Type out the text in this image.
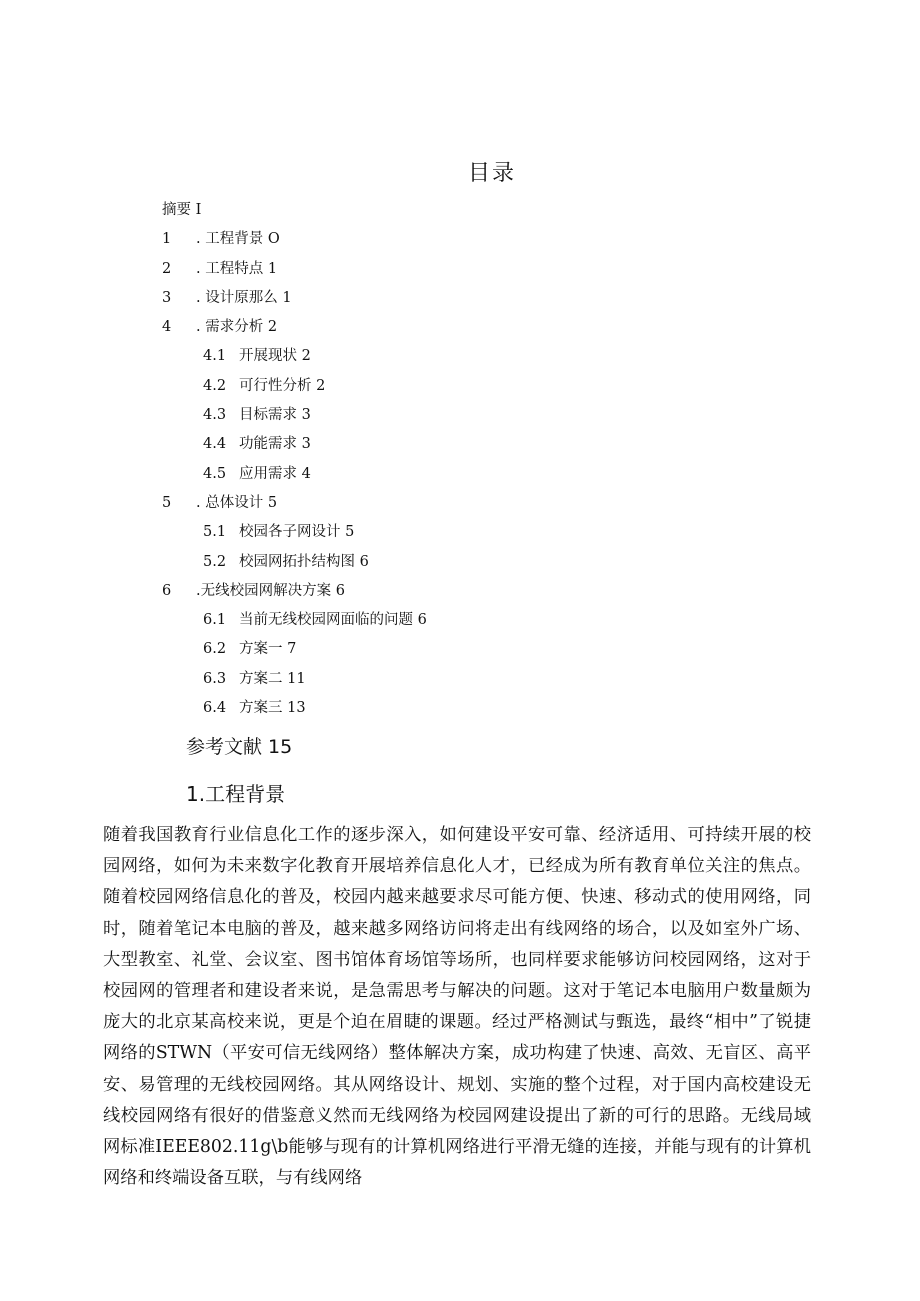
目录
摘要 I
1 . 工程背景 O
2 . 工程特点 1
3 . 设计原那么 1
4 . 需求分析 2
4.1 开展现状 2
4.2 可行性分析 2
4.3 目标需求 3
4.4 功能需求 3
4.5 应用需求 4
5 . 总体设计 5
5.1 校园各子网设计 5
5.2 校园网拓扑结构图 6
6 .无线校园网解决方案 6
6.1 当前无线校园网面临的问题 6
6.2 方案一 7
6.3 方案二 11
6.4 方案三 13
参考文献 15
1.工程背景

随着我国教育行业信息化工作的逐步深入，如何建设平安可靠、经济适用、可持续开展的校园网络，如何为未来数字化教育开展培养信息化人才，已经成为所有教育单位关注的焦点。随着校园网络信息化的普及，校园内越来越要求尽可能方便、快速、移动式的使用网络，同时，随着笔记本电脑的普及，越来越多网络访问将走出有线网络的场合，以及如室外广场、大型教室、礼堂、会议室、图书馆体育场馆等场所，也同样要求能够访问校园网络，这对于校园网的管理者和建设者来说，是急需思考与解决的问题。这对于笔记本电脑用户数量颇为庞大的北京某高校来说，更是个迫在眉睫的课题。经过严格测试与甄选，最终“相中”了锐捷网络的STWN（平安可信无线网络）整体解决方案，成功构建了快速、高效、无盲区、高平安、易管理的无线校园网络。其从网络设计、规划、实施的整个过程，对于国内高校建设无线校园网络有很好的借鉴意义然而无线网络为校园网建设提出了新的可行的思路。无线局域网标准IEEE802.11g\b能够与现有的计算机网络进行平滑无缝的连接，并能与现有的计算机网络和终端设备互联，与有线网络
